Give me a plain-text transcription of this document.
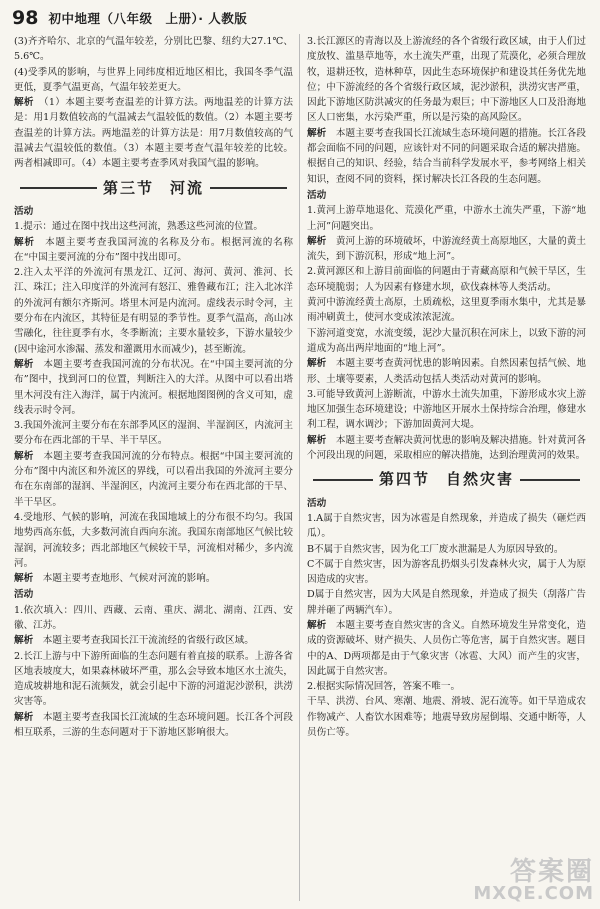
98 初中地理（八年级　上册）· 人教版

(3)齐齐哈尔、北京的气温年较差，分别比巴黎、纽约大27.1℃、5.6℃。

(4)受季风的影响，与世界上同纬度相近地区相比，我国冬季气温更低，夏季气温更高，气温年较差更大。

解析　（1）本题主要考查温差的计算方法。两地温差的计算方法是：用1月数值较高的气温减去气温较低的数值。（2）本题主要考查温差的计算方法。两地温差的计算方法是：用7月数值较高的气温减去气温较低的数值。（3）本题主要考查气温年较差的比较。两者相减即可。（4）本题主要考查季风对我国气温的影响。

第三节 河流
活动

1.提示：通过在图中找出这些河流，熟悉这些河流的位置。

解析　本题主要考查我国河流的名称及分布。根据河流的名称在“中国主要河流的分布”图中找出即可。

2.注入太平洋的外流河有黑龙江、辽河、海河、黄河、淮河、长江、珠江；注入印度洋的外流河有怒江、雅鲁藏布江；注入北冰洋的外流河有额尔齐斯河。塔里木河是内流河。虚线表示时令河，主要分布在内流区，其特征是有明显的季节性。夏季气温高，高山冰雪融化，往往夏季有水，冬季断流；主要水量较多，下游水量较少(因中途河水渗漏、蒸发和灌溉用水而减少)，甚至断流。

解析　本题主要考查我国河流的分布状况。在“中国主要河流的分布”图中，找到河口的位置，判断注入的大洋。从图中可以看出塔里木河没有注入海洋，属于内流河。根据地图图例的含义可知，虚线表示时令河。

3.我国外流河主要分布在东部季风区的湿润、半湿润区，内流河主要分布在西北部的干旱、半干旱区。

解析　本题主要考查我国河流的分布特点。根据“中国主要河流的分布”图中内流区和外流区的界线，可以看出我国的外流河主要分布在东南部的湿润、半湿润区，内流河主要分布在西北部的干旱、半干旱区。

4.受地形、气候的影响，河流在我国地域上的分布很不均匀。我国地势西高东低，大多数河流自西向东流。我国东南部地区气候比较湿润，河流较多；西北部地区气候较干旱，河流相对稀少，多内流河。

解析　本题主要考查地形、气候对河流的影响。

活动

1.依次填入：四川、西藏、云南、重庆、湖北、湖南、江西、安徽、江苏。

解析　本题主要考查我国长江干流流经的省级行政区域。

2.长江上游与中下游所面临的生态问题有着直接的联系。上游各省区地表坡度大，如果森林破坏严重，那么会导致本地区水土流失，造成坡耕地和泥石流频发，就会引起中下游的河道泥沙淤积，洪涝灾害等。

解析　本题主要考查我国长江流域的生态环境问题。长江各个河段相互联系，三游的生态问题对于下游地区影响很大。

3.长江源区的青海以及上游流经的各个省级行政区域，由于人们过度放牧、滥垦草地等，水土流失严重，出现了荒漠化，必须合理放牧，退耕还牧，造林种草，因此生态环境保护和建设其任务优先地位；中下游流经的各个省级行政区域，泥沙淤积，洪涝灾害严重，因此下游地区防洪减灾的任务最为艰巨；中下游地区人口及沿海地区人口密集，水污染严重，所以是污染的高风险区。

解析　本题主要考查我国长江流域生态环境问题的措施。长江各段都会面临不同的问题，应该针对不同的问题采取合适的解决措施。根据自己的知识、经验，结合当前科学发展水平，参考网络上相关知识，查阅不同的资料，探讨解决长江各段的生态问题。

活动

1.黄河上游草地退化、荒漠化严重，中游水土流失严重，下游“地上河”问题突出。

解析　黄河上游的环境破坏，中游流经黄土高原地区，大量的黄土流失，到下游沉积，形成“地上河”。

2.黄河源区和上游目前面临的问题由于青藏高原和气候干旱区，生态环境脆弱；人为因素有修建水坝，砍伐森林等人类活动。

黄河中游流经黄土高原，土质疏松，这里夏季雨水集中，尤其是暴雨冲刷黄土，使河水变成浓浓泥流。

下游河道变宽，水流变缓，泥沙大量沉积在河床上，以致下游的河道成为高出两岸地面的“地上河”。

解析　本题主要考查黄河忧患的影响因素。自然因素包括气候、地形、土壤等要素，人类活动包括人类活动对黄河的影响。

3.可能导致黄河上游断流，中游水土流失加重，下游形成水灾上游地区加强生态环境建设；中游地区开展水土保持综合治理，修建水利工程，调水调沙；下游加固黄河大堤。

解析　本题主要考查解决黄河忧患的影响及解决措施。针对黄河各个河段出现的问题，采取相应的解决措施，达到治理黄河的效果。

第四节 自然灾害
活动

1.A属于自然灾害，因为冰雹是自然现象，并造成了损失（砸烂西瓜）。

B不属于自然灾害，因为化工厂废水泄漏是人为原因导致的。

C不属于自然灾害，因为游客乱扔烟头引发森林火灾，属于人为原因造成的灾害。

D属于自然灾害，因为大风是自然现象，并造成了损失（刮落广告牌并砸了两辆汽车）。

解析　本题主要考查自然灾害的含义。自然环境发生异常变化，造成的资源破坏、财产损失、人员伤亡等危害，属于自然灾害。题目中的A、D两项都是由于气象灾害（冰雹、大风）而产生的灾害，因此属于自然灾害。

2.根据实际情况回答，答案不唯一。

干旱、洪涝、台风、寒潮、地震、滑坡、泥石流等。如干旱造成农作物减产、人畜饮水困难等；地震导致房屋倒塌、交通中断等，人员伤亡等。

答案圈
MXQE.COM
